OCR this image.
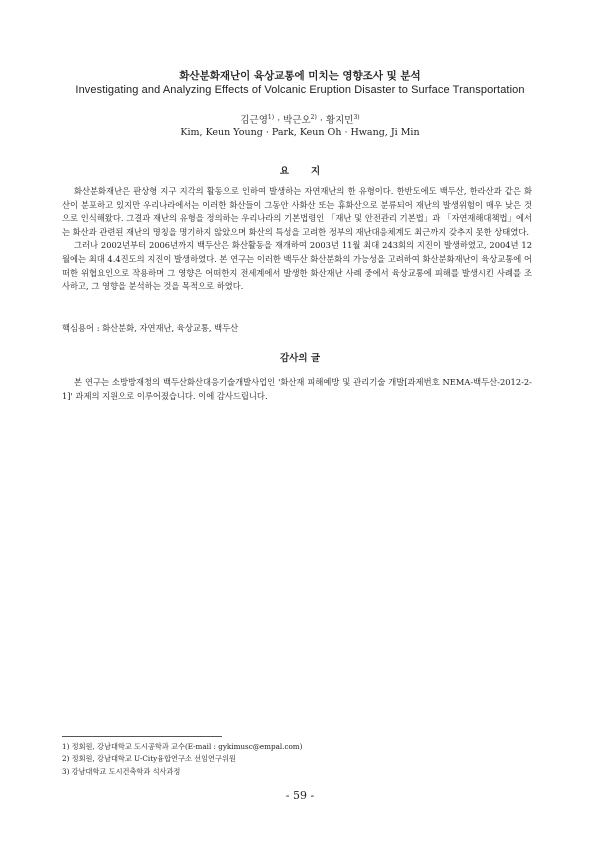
화산분화재난이 육상교통에 미치는 영향조사 및 분석
Investigating and Analyzing Effects of Volcanic Eruption Disaster to Surface Transportation
김근영$^{1)}$ · 박근오$^{2)}$ · 황지민$^{3)}$
Kim, Keun Young · Park, Keun Oh · Hwang, Ji Min
요지

화산분화재난은 판상형 지구 지각의 활동으로 인하여 발생하는 자연재난의 한 유형이다. 한반도에도 백두산, 한라산과 같은 화산이 분포하고 있지만 우리나라에서는 이러한 화산들이 그동안 사화산 또는 휴화산으로 분류되어 재난의 발생위험이 매우 낮은 것으로 인식해왔다. 그결과 재난의 유형을 정의하는 우리나라의 기본법령인 「재난 및 안전관리 기본법」과 「자연재해대책법」에서는 화산과 관련된 재난의 명칭을 명기하지 않았으며 화산의 특성을 고려한 정부의 재난대응체계도 최근까지 갖추지 못한 상태였다.

그러나 2002년부터 2006년까지 백두산은 화산활동을 재개하여 2003년 11월 최대 243회의 지진이 발생하였고, 2004년 12월에는 최대 4.4진도의 지진이 발생하였다. 본 연구는 이러한 백두산 화산분화의 가능성을 고려하여 화산분화재난이 육상교통에 어떠한 위협요인으로 작용하며 그 영향은 어떠한지 전세계에서 발생한 화산재난 사례 중에서 육상교통에 피해를 발생시킨 사례를 조사하고, 그 영향을 분석하는 것을 목적으로 하였다.

핵심용어 : 화산분화, 자연재난, 육상교통, 백두산
감사의 글

본 연구는 소방방재청의 백두산화산대응기술개발사업인 '화산재 피해예방 및 관리기술 개발[과제번호 NEMA-백두산-2012-2-1]' 과제의 지원으로 이루어졌습니다. 이에 감사드립니다.

1) 정회원, 강남대학교 도시공학과 교수(E-mail : gykimusc@empal.com)
2) 정회원, 강남대학교 U-City융합연구소 선임연구위원
3) 강남대학교 도시건축학과 석사과정
- 59 -
